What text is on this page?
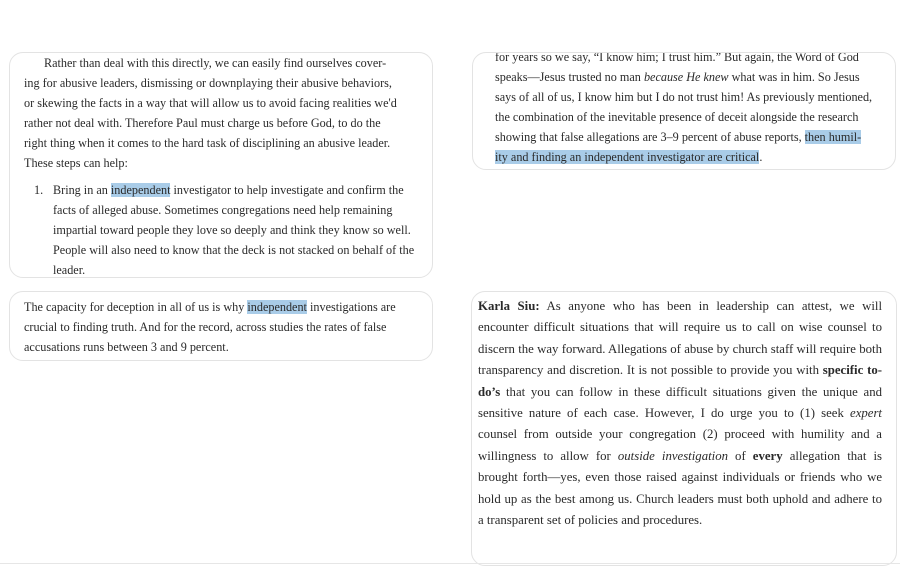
Rather than deal with this directly, we can easily find ourselves cover-
ing for abusive leaders, dismissing or downplaying their abusive behaviors,
or skewing the facts in a way that will allow us to avoid facing realities we'd
rather not deal with. Therefore Paul must charge us before God, to do the
right thing when it comes to the hard task of disciplining an abusive leader.
These steps can help:
1. Bring in an independent investigator to help investigate and confirm the
facts of alleged abuse. Sometimes congregations need help remaining
impartial toward people they love so deeply and think they know so well.
People will also need to know that the deck is not stacked on behalf of the
leader.
for years so we say, “I know him; I trust him.” But again, the Word of God
speaks—Jesus trusted no man because He knew what was in him. So Jesus
says of all of us, I know him but I do not trust him! As previously mentioned,
the combination of the inevitable presence of deceit alongside the research
showing that false allegations are 3–9 percent of abuse reports, then humil-
ity and finding an independent investigator are critical.
The capacity for deception in all of us is why independent investigations are
crucial to finding truth. And for the record, across studies the rates of false
accusations runs between 3 and 9 percent.

Karla Siu: As anyone who has been in leadership can attest, we will encounter difficult situations that will require us to call on wise counsel to discern the way forward. Allegations of abuse by church staff will require both transparency and discretion. It is not possible to provide you with specific to-do’s that you can follow in these difficult situations given the unique and sensitive nature of each case. However, I do urge you to (1) seek expert counsel from outside your congregation (2) proceed with humility and a willingness to allow for outside investigation of every allegation that is brought forth—yes, even those raised against individuals or friends who we hold up as the best among us. Church leaders must both uphold and adhere to a transparent set of policies and procedures.
